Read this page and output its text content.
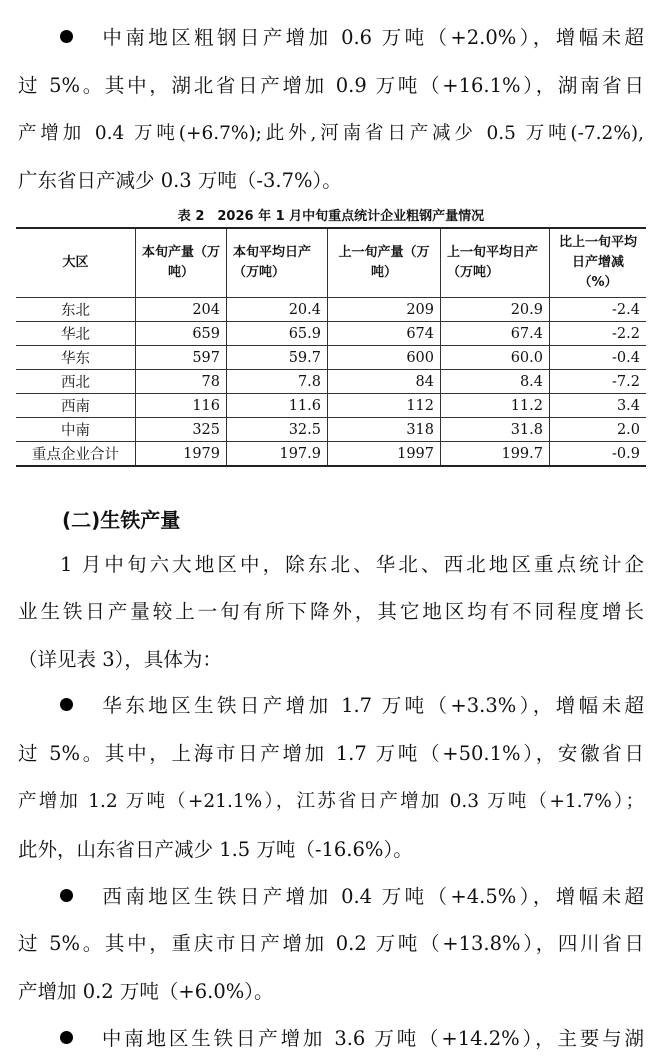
中南地区粗钢日产增加 0.6 万吨（+2.0%），增幅未超
过 5%。其中，湖北省日产增加 0.9 万吨（+16.1%），湖南省日
产增加 0.4 万吨(+6.7%);此外,河南省日产减少 0.5 万吨(-7.2%),
广东省日产减少 0.3 万吨（-3.7%）。
表 2　2026 年 1 月中旬重点统计企业粗钢产量情况
大区	本旬产量（万吨）	本旬平均日产（万吨）	上一旬产量（万吨）	上一旬平均日产（万吨）	比上一旬平均日产增减（%）
东北	204	20.4	209	20.9	-2.4
华北	659	65.9	674	67.4	-2.2
华东	597	59.7	600	60.0	-0.4
西北	78	7.8	84	8.4	-7.2
西南	116	11.6	112	11.2	3.4
中南	325	32.5	318	31.8	2.0
重点企业合计	1979	197.9	1997	199.7	-0.9
(二)生铁产量
1 月中旬六大地区中，除东北、华北、西北地区重点统计企
业生铁日产量较上一旬有所下降外，其它地区均有不同程度增长
（详见表 3），具体为：
华东地区生铁日产增加 1.7 万吨（+3.3%），增幅未超
过 5%。其中，上海市日产增加 1.7 万吨（+50.1%），安徽省日
产增加 1.2 万吨（+21.1%），江苏省日产增加 0.3 万吨（+1.7%）；
此外，山东省日产减少 1.5 万吨（-16.6%）。
西南地区生铁日产增加 0.4 万吨（+4.5%），增幅未超
过 5%。其中，重庆市日产增加 0.2 万吨（+13.8%），四川省日
产增加 0.2 万吨（+6.0%）。
中南地区生铁日产增加 3.6 万吨（+14.2%），主要与湖
